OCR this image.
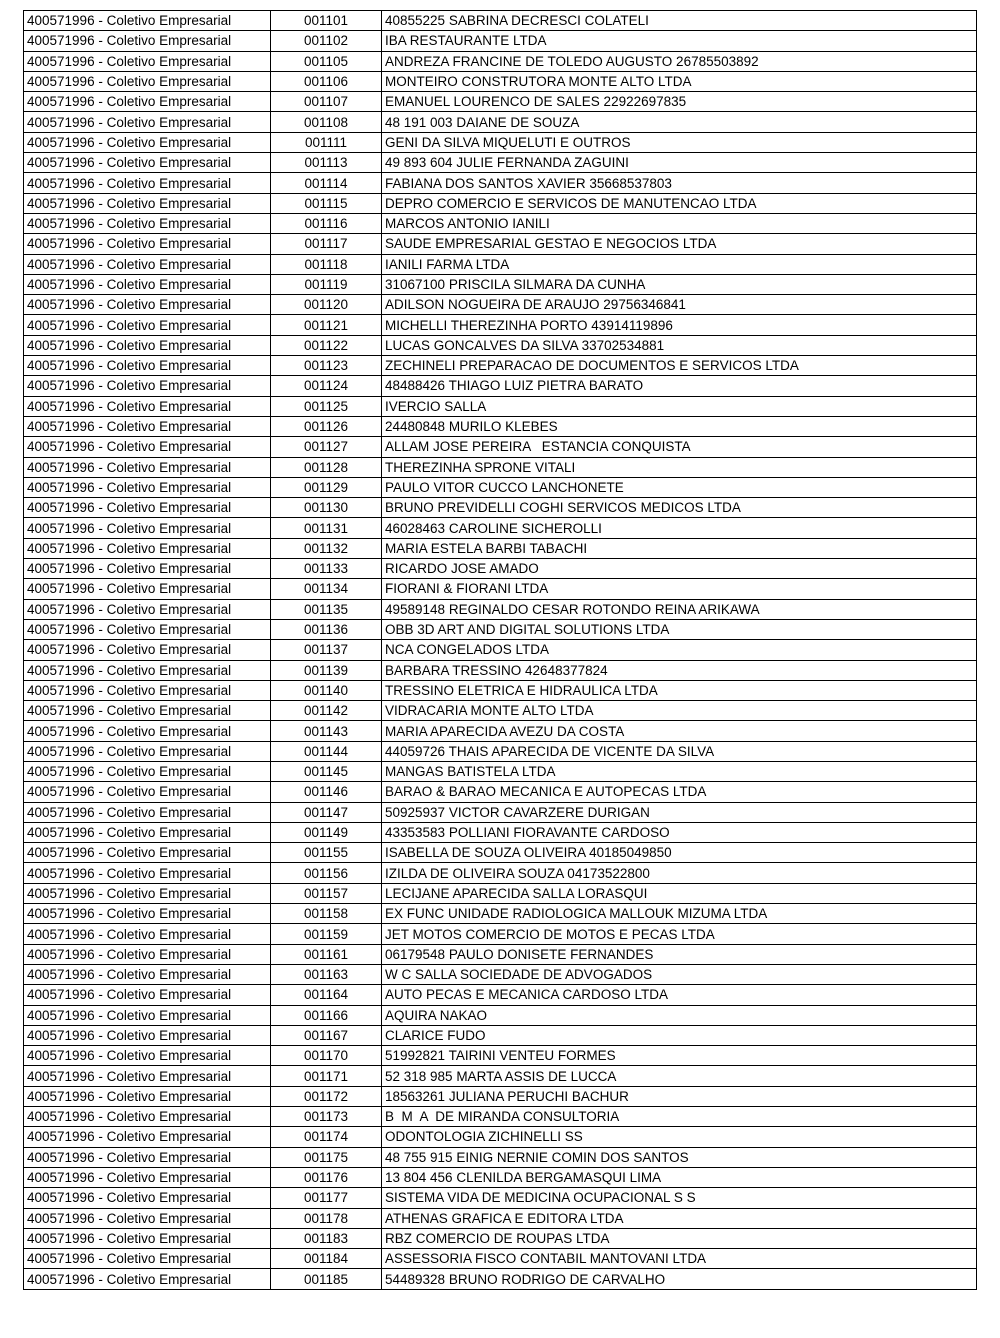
400571996 - Coletivo Empresarial	001101	40855225 SABRINA DECRESCI COLATELI
400571996 - Coletivo Empresarial	001102	IBA RESTAURANTE LTDA
400571996 - Coletivo Empresarial	001105	ANDREZA FRANCINE DE TOLEDO AUGUSTO 26785503892
400571996 - Coletivo Empresarial	001106	MONTEIRO CONSTRUTORA MONTE ALTO LTDA
400571996 - Coletivo Empresarial	001107	EMANUEL LOURENCO DE SALES 22922697835
400571996 - Coletivo Empresarial	001108	48 191 003 DAIANE DE SOUZA
400571996 - Coletivo Empresarial	001111	GENI DA SILVA MIQUELUTI E OUTROS
400571996 - Coletivo Empresarial	001113	49 893 604 JULIE FERNANDA ZAGUINI
400571996 - Coletivo Empresarial	001114	FABIANA DOS SANTOS XAVIER 35668537803
400571996 - Coletivo Empresarial	001115	DEPRO COMERCIO E SERVICOS DE MANUTENCAO LTDA
400571996 - Coletivo Empresarial	001116	MARCOS ANTONIO IANILI
400571996 - Coletivo Empresarial	001117	SAUDE EMPRESARIAL GESTAO E NEGOCIOS LTDA
400571996 - Coletivo Empresarial	001118	IANILI FARMA LTDA
400571996 - Coletivo Empresarial	001119	31067100 PRISCILA SILMARA DA CUNHA
400571996 - Coletivo Empresarial	001120	ADILSON NOGUEIRA DE ARAUJO 29756346841
400571996 - Coletivo Empresarial	001121	MICHELLI THEREZINHA PORTO 43914119896
400571996 - Coletivo Empresarial	001122	LUCAS GONCALVES DA SILVA 33702534881
400571996 - Coletivo Empresarial	001123	ZECHINELI PREPARACAO DE DOCUMENTOS E SERVICOS LTDA
400571996 - Coletivo Empresarial	001124	48488426 THIAGO LUIZ PIETRA BARATO
400571996 - Coletivo Empresarial	001125	IVERCIO SALLA
400571996 - Coletivo Empresarial	001126	24480848 MURILO KLEBES
400571996 - Coletivo Empresarial	001127	ALLAM JOSE PEREIRA   ESTANCIA CONQUISTA
400571996 - Coletivo Empresarial	001128	THEREZINHA SPRONE VITALI
400571996 - Coletivo Empresarial	001129	PAULO VITOR CUCCO LANCHONETE
400571996 - Coletivo Empresarial	001130	BRUNO PREVIDELLI COGHI SERVICOS MEDICOS LTDA
400571996 - Coletivo Empresarial	001131	46028463 CAROLINE SICHEROLLI
400571996 - Coletivo Empresarial	001132	MARIA ESTELA BARBI TABACHI
400571996 - Coletivo Empresarial	001133	RICARDO JOSE AMADO
400571996 - Coletivo Empresarial	001134	FIORANI & FIORANI LTDA
400571996 - Coletivo Empresarial	001135	49589148 REGINALDO CESAR ROTONDO REINA ARIKAWA
400571996 - Coletivo Empresarial	001136	OBB 3D ART AND DIGITAL SOLUTIONS LTDA
400571996 - Coletivo Empresarial	001137	NCA CONGELADOS LTDA
400571996 - Coletivo Empresarial	001139	BARBARA TRESSINO 42648377824
400571996 - Coletivo Empresarial	001140	TRESSINO ELETRICA E HIDRAULICA LTDA
400571996 - Coletivo Empresarial	001142	VIDRACARIA MONTE ALTO LTDA
400571996 - Coletivo Empresarial	001143	MARIA APARECIDA AVEZU DA COSTA
400571996 - Coletivo Empresarial	001144	44059726 THAIS APARECIDA DE VICENTE DA SILVA
400571996 - Coletivo Empresarial	001145	MANGAS BATISTELA LTDA
400571996 - Coletivo Empresarial	001146	BARAO & BARAO MECANICA E AUTOPECAS LTDA
400571996 - Coletivo Empresarial	001147	50925937 VICTOR CAVARZERE DURIGAN
400571996 - Coletivo Empresarial	001149	43353583 POLLIANI FIORAVANTE CARDOSO
400571996 - Coletivo Empresarial	001155	ISABELLA DE SOUZA OLIVEIRA 40185049850
400571996 - Coletivo Empresarial	001156	IZILDA DE OLIVEIRA SOUZA 04173522800
400571996 - Coletivo Empresarial	001157	LECIJANE APARECIDA SALLA LORASQUI
400571996 - Coletivo Empresarial	001158	EX FUNC UNIDADE RADIOLOGICA MALLOUK MIZUMA LTDA
400571996 - Coletivo Empresarial	001159	JET MOTOS COMERCIO DE MOTOS E PECAS LTDA
400571996 - Coletivo Empresarial	001161	06179548 PAULO DONISETE FERNANDES
400571996 - Coletivo Empresarial	001163	W C SALLA SOCIEDADE DE ADVOGADOS
400571996 - Coletivo Empresarial	001164	AUTO PECAS E MECANICA CARDOSO LTDA
400571996 - Coletivo Empresarial	001166	AQUIRA NAKAO
400571996 - Coletivo Empresarial	001167	CLARICE FUDO
400571996 - Coletivo Empresarial	001170	51992821 TAIRINI VENTEU FORMES
400571996 - Coletivo Empresarial	001171	52 318 985 MARTA ASSIS DE LUCCA
400571996 - Coletivo Empresarial	001172	18563261 JULIANA PERUCHI BACHUR
400571996 - Coletivo Empresarial	001173	B  M  A  DE MIRANDA CONSULTORIA
400571996 - Coletivo Empresarial	001174	ODONTOLOGIA ZICHINELLI SS
400571996 - Coletivo Empresarial	001175	48 755 915 EINIG NERNIE COMIN DOS SANTOS
400571996 - Coletivo Empresarial	001176	13 804 456 CLENILDA BERGAMASQUI LIMA
400571996 - Coletivo Empresarial	001177	SISTEMA VIDA DE MEDICINA OCUPACIONAL S S
400571996 - Coletivo Empresarial	001178	ATHENAS GRAFICA E EDITORA LTDA
400571996 - Coletivo Empresarial	001183	RBZ COMERCIO DE ROUPAS LTDA
400571996 - Coletivo Empresarial	001184	ASSESSORIA FISCO CONTABIL MANTOVANI LTDA
400571996 - Coletivo Empresarial	001185	54489328 BRUNO RODRIGO DE CARVALHO
